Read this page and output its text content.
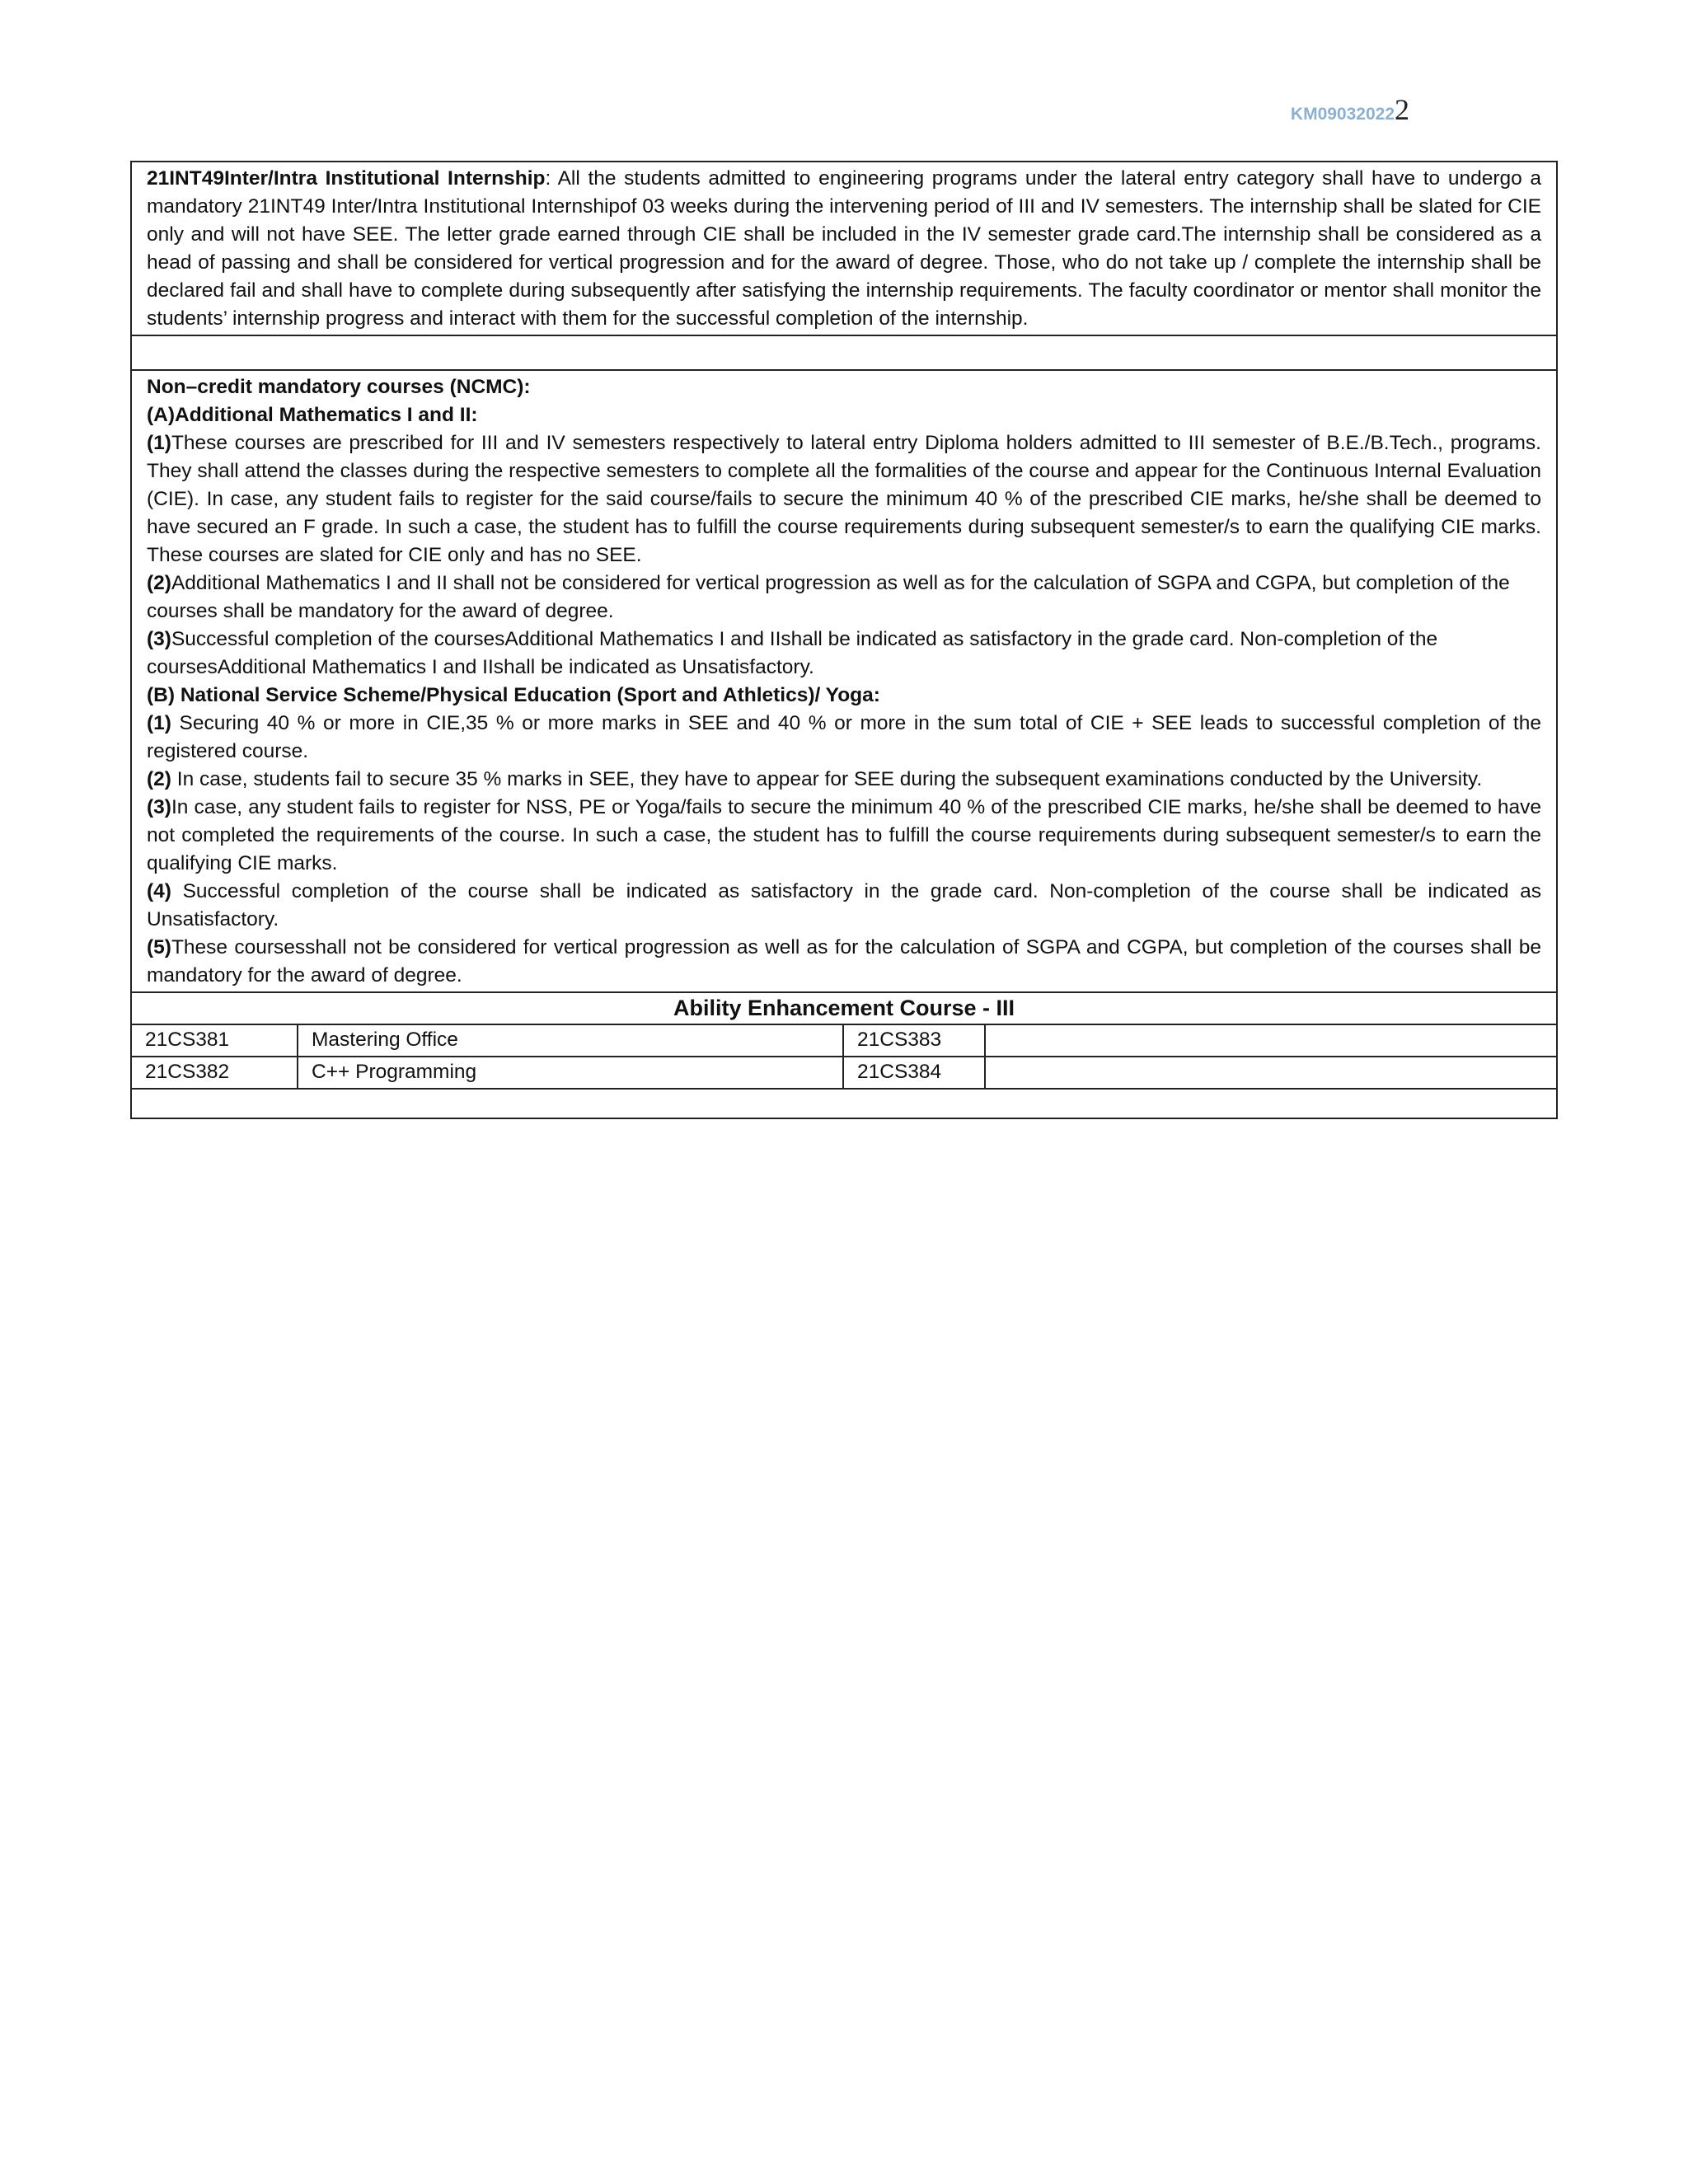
KM090320222

21INT49Inter/Intra Institutional Internship: All the students admitted to engineering programs under the lateral entry category shall have to undergo a mandatory 21INT49 Inter/Intra Institutional Internshipof 03 weeks during the intervening period of III and IV semesters. The internship shall be slated for CIE only and will not have SEE. The letter grade earned through CIE shall be included in the IV semester grade card.The internship shall be considered as a head of passing and shall be considered for vertical progression and for the award of degree. Those, who do not take up / complete the internship shall be declared fail and shall have to complete during subsequently after satisfying the internship requirements. The faculty coordinator or mentor shall monitor the students’ internship progress and interact with them for the successful completion of the internship.

Non–credit mandatory courses (NCMC):

(A)Additional Mathematics I and II:

(1)These courses are prescribed for III and IV semesters respectively to lateral entry Diploma holders admitted to III semester of B.E./B.Tech., programs. They shall attend the classes during the respective semesters to complete all the formalities of the course and appear for the Continuous Internal Evaluation (CIE). In case, any student fails to register for the said course/fails to secure the minimum 40 % of the prescribed CIE marks, he/she shall be deemed to have secured an F grade. In such a case, the student has to fulfill the course requirements during subsequent semester/s to earn the qualifying CIE marks. These courses are slated for CIE only and has no SEE.

(2)Additional Mathematics I and II shall not be considered for vertical progression as well as for the calculation of SGPA and CGPA, but completion of the courses shall be mandatory for the award of degree.

(3)Successful completion of the coursesAdditional Mathematics I and IIshall be indicated as satisfactory in the grade card. Non-completion of the coursesAdditional Mathematics I and IIshall be indicated as Unsatisfactory.

(B) National Service Scheme/Physical Education (Sport and Athletics)/ Yoga:

(1) Securing 40 % or more in CIE,35 % or more marks in SEE and 40 % or more in the sum total of CIE + SEE leads to successful completion of the registered course.

(2) In case, students fail to secure 35 % marks in SEE, they have to appear for SEE during the subsequent examinations conducted by the University.

(3)In case, any student fails to register for NSS, PE or Yoga/fails to secure the minimum 40 % of the prescribed CIE marks, he/she shall be deemed to have not completed the requirements of the course. In such a case, the student has to fulfill the course requirements during subsequent semester/s to earn the qualifying CIE marks.

(4) Successful completion of the course shall be indicated as satisfactory in the grade card. Non-completion of the course shall be indicated as Unsatisfactory.

(5)These coursesshall not be considered for vertical progression as well as for the calculation of SGPA and CGPA, but completion of the courses shall be mandatory for the award of degree.

Ability Enhancement Course - III
21CS381	Mastering Office	21CS383
21CS382	C++ Programming	21CS384
